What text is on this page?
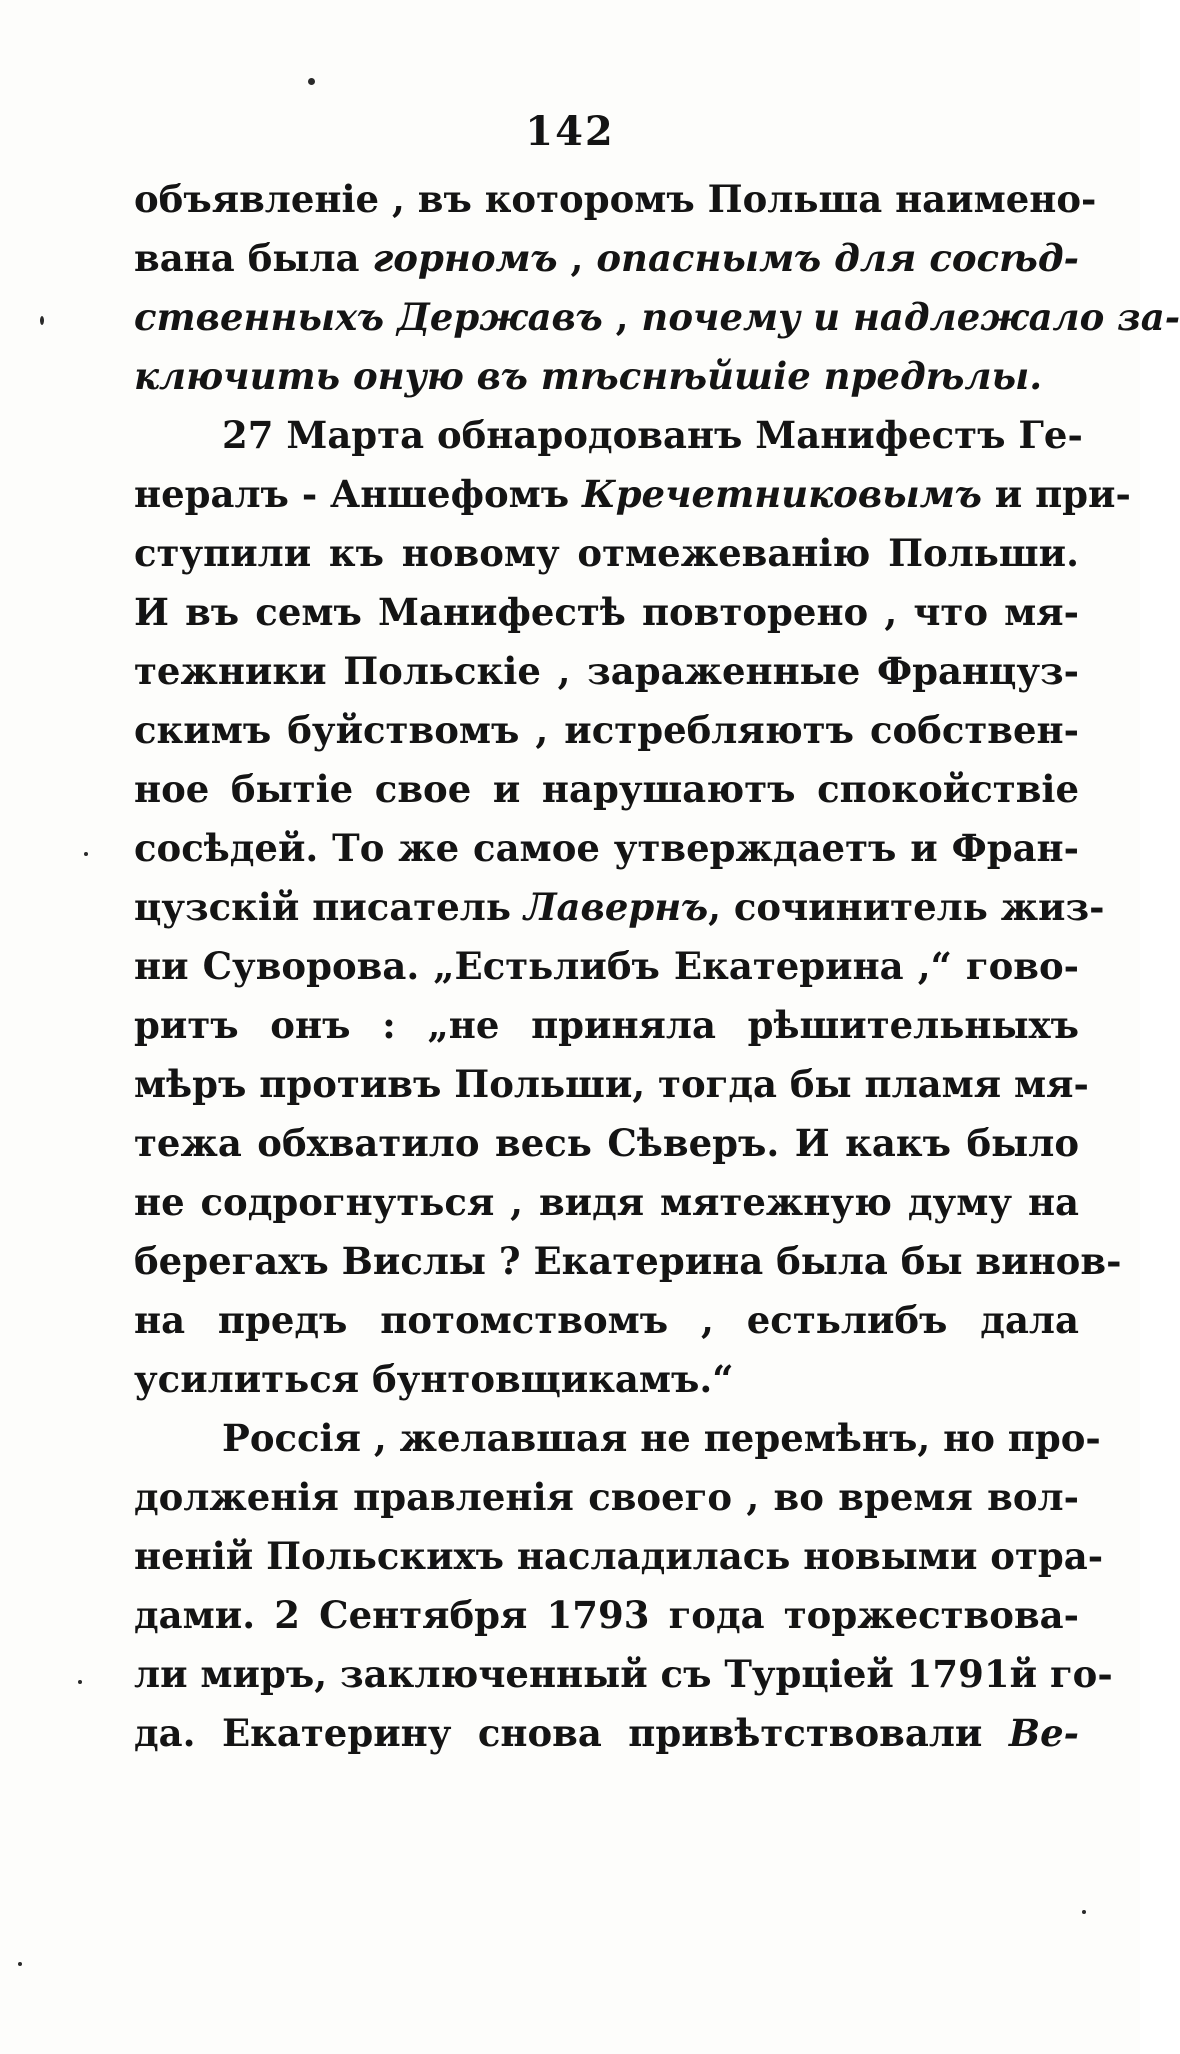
142
объявленіе , въ которомъ Польша наимено-
вана была горномъ , опаснымъ для сосѣд-
ственныхъ Державъ , почему и надлежало за-
ключить оную въ тѣснѣйшіе предѣлы.
27 Марта обнародованъ Манифестъ Ге-
нералъ - Аншефомъ Кречетниковымъ и при-
ступили къ новому отмежеванію Польши.
И въ семъ Манифестѣ повторено , что мя-
тежники Польскіе , зараженные Француз-
скимъ буйствомъ , истребляютъ собствен-
ное бытіе свое и нарушаютъ спокойствіе
сосѣдей. То же самое утверждаетъ и Фран-
цузскій писатель Лавернъ, сочинитель жиз-
ни Суворова. „Естьлибъ Екатерина ,“ гово-
ритъ онъ : „не приняла рѣшительныхъ
мѣръ противъ Польши, тогда бы пламя мя-
тежа обхватило весь Сѣверъ. И какъ было
не содрогнуться , видя мятежную думу на
берегахъ Вислы ? Екатерина была бы винов-
на предъ потомствомъ , естьлибъ дала
усилиться бунтовщикамъ.“
Россія , желавшая не перемѣнъ, но про-
долженія правленія своего , во время вол-
неній Польскихъ насладилась новыми отра-
дами. 2 Сентября 1793 года торжествова-
ли миръ, заключенный съ Турціей 1791й го-
да. Екатерину снова привѣтствовали Ве-
